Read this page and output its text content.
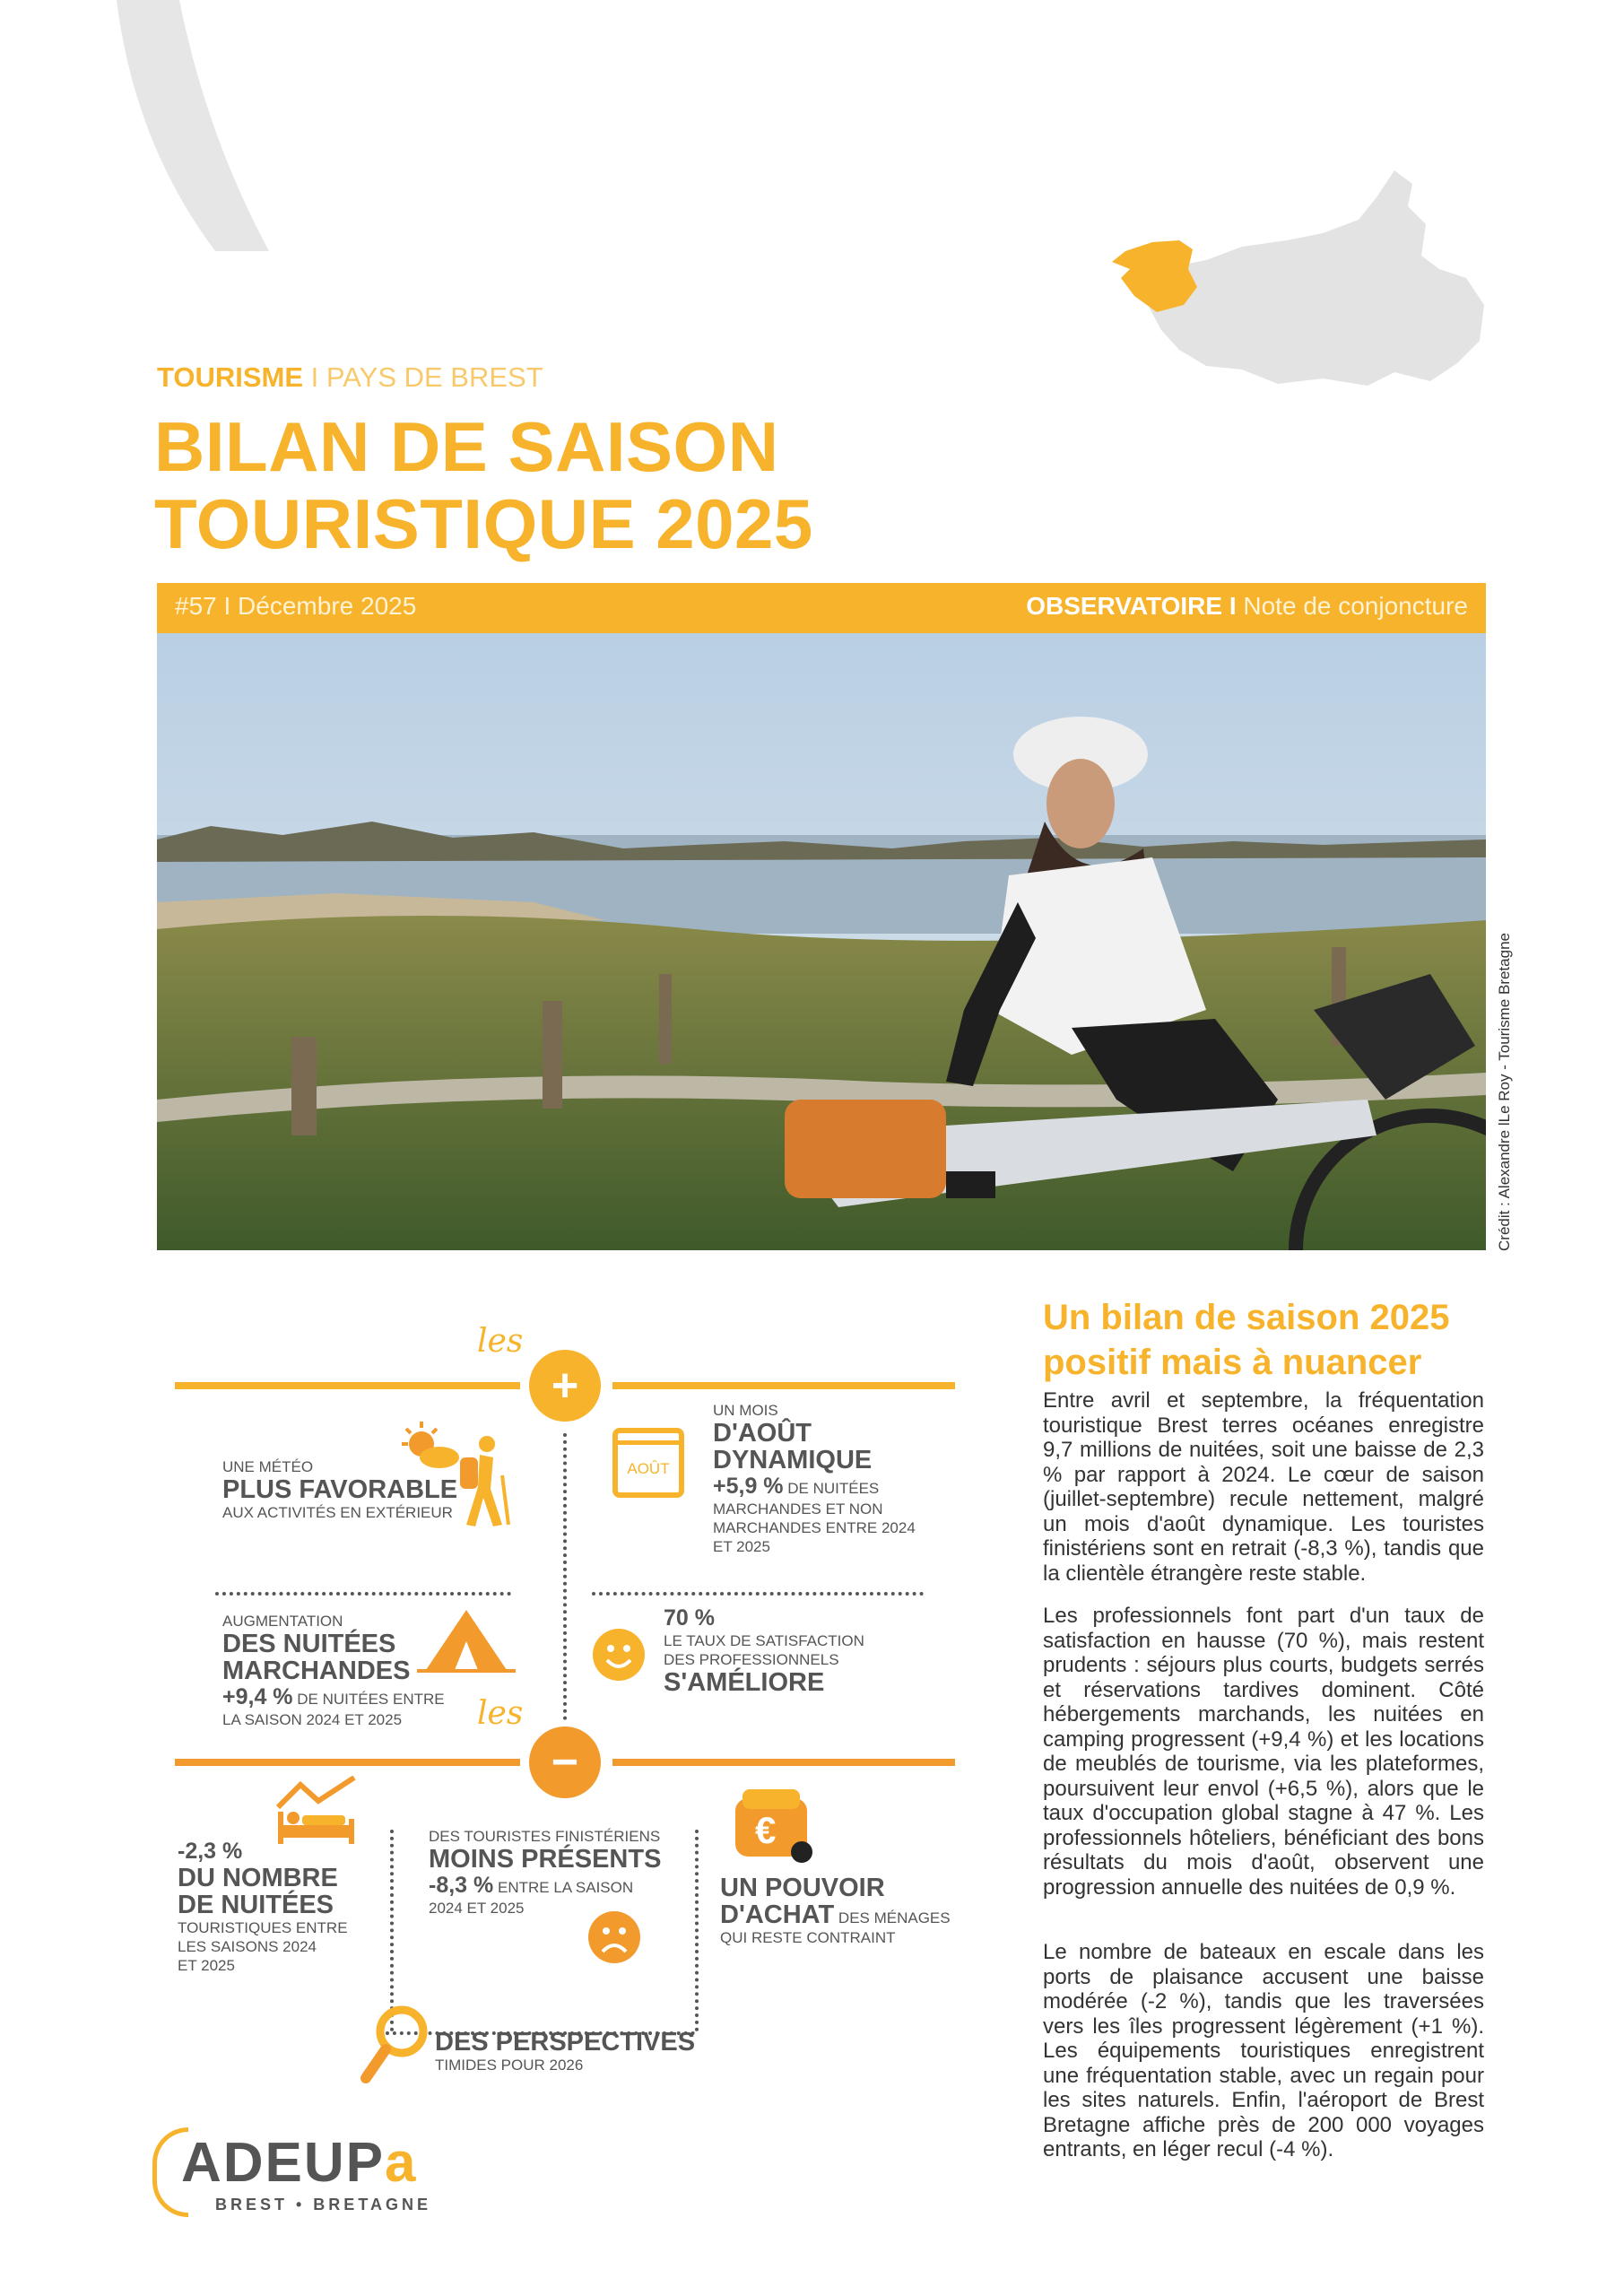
TOURISME I PAYS DE BREST
BILAN DE SAISON
TOURISTIQUE 2025
#57 I Décembre 2025	OBSERVATOIRE I Note de conjoncture
Crédit : Alexandre lLe Roy - Tourisme Bretagne
les
+
UNE MÉTÉO
PLUS FAVORABLE
AUX ACTIVITÉS EN EXTÉRIEUR
AOÛT
UN MOIS
D'AOÛT
DYNAMIQUE
+5,9 % DE NUITÉES
MARCHANDES ET NON
MARCHANDES ENTRE 2024
ET 2025
AUGMENTATION
DES NUITÉES
MARCHANDES
+9,4 % DE NUITÉES ENTRE
LA SAISON 2024 ET 2025
70 %
LE TAUX DE SATISFACTION
DES PROFESSIONNELS
S'AMÉLIORE
les
−
-2,3 %
DU NOMBRE
DE NUITÉES
TOURISTIQUES ENTRE
LES SAISONS 2024
ET 2025
DES TOURISTES FINISTÉRIENS
MOINS PRÉSENTS
-8,3 % ENTRE LA SAISON
2024 ET 2025
€
UN POUVOIR
D'ACHAT DES MÉNAGES
QUI RESTE CONTRAINT
DES PERSPECTIVES
TIMIDES POUR 2026
Un bilan de saison 2025
positif mais à nuancer
Entre avril et septembre, la fréquentation touristique Brest terres océanes enregistre 9,7 millions de nuitées, soit une baisse de 2,3 % par rapport à 2024. Le cœur de saison (juillet-septembre) recule nettement, malgré un mois d'août dynamique. Les touristes finistériens sont en retrait (-8,3 %), tandis que la clientèle étrangère reste stable.
Les professionnels font part d'un taux de satisfaction en hausse (70 %), mais restent prudents : séjours plus courts, budgets serrés et réservations tardives dominent. Côté hébergements marchands, les nuitées en camping progressent (+9,4 %) et les locations de meublés de tourisme, via les plateformes, poursuivent leur envol (+6,5 %), alors que le taux d'occupation global stagne à 47 %. Les professionnels hôteliers, bénéficiant des bons résultats du mois d'août, observent une progression annuelle des nuitées de 0,9 %.
Le nombre de bateaux en escale dans les ports de plaisance accusent une baisse modérée (-2 %), tandis que les traversées vers les îles progressent légèrement (+1 %). Les équipements touristiques enregistrent une fréquentation stable, avec un regain pour les sites naturels. Enfin, l'aéroport de Brest Bretagne affiche près de 200 000 voyages entrants, en léger recul (-4 %).
ADEUPa
BREST • BRETAGNE
